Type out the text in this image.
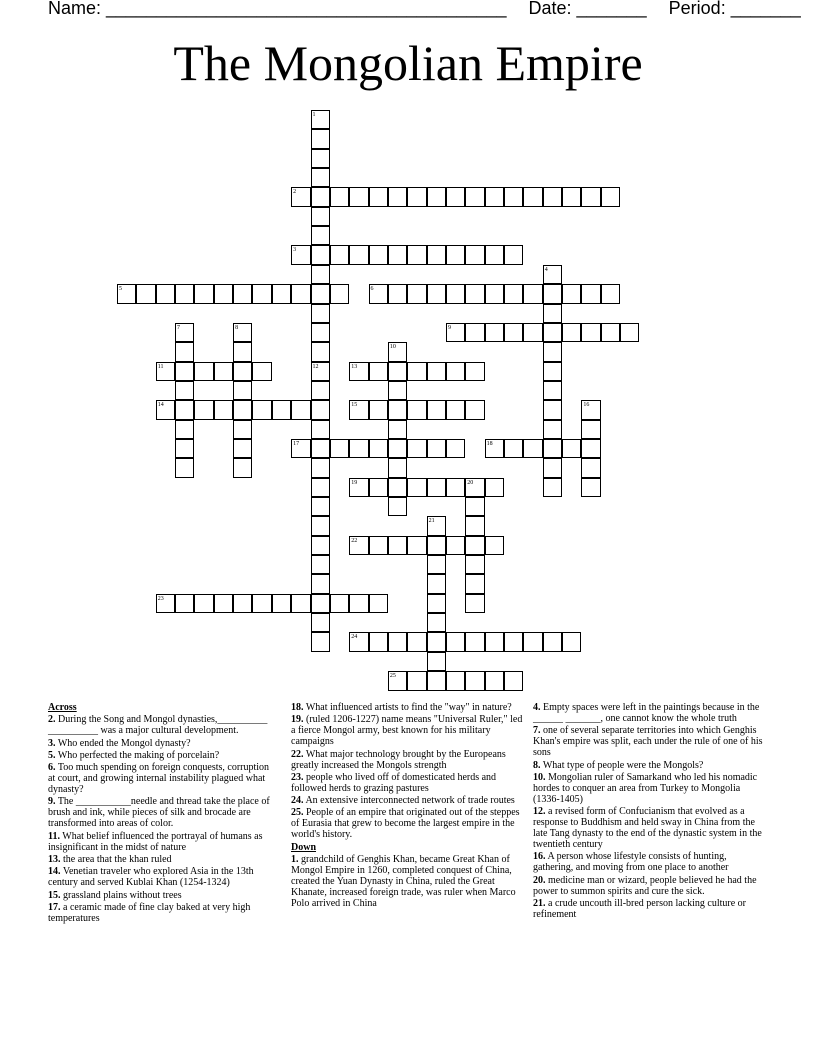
Name: ________________________________________ Date: _______ Period: _______
The Mongolian Empire
1
2
3
4
5	6
7	8	9
10
11	12	13
14	15	16
17	18
19	20
21
22
23
24
25
Across
2. During the Song and Mongol dynasties,__________ __________ was a major cultural development.
3. Who ended the Mongol dynasty?
5. Who perfected the making of porcelain?
6. Too much spending on foreign conquests, corruption at court, and growing internal instability plagued what dynasty?
9. The ___________needle and thread take the place of brush and ink, while pieces of silk and brocade are transformed into areas of color.
11. What belief influenced the portrayal of humans as insignificant in the midst of nature
13. the area that the khan ruled
14. Venetian traveler who explored Asia in the 13th century and served Kublai Khan (1254-1324)
15. grassland plains without trees
17. a ceramic made of fine clay baked at very high temperatures
18. What influenced artists to find the "way" in nature?
19. (ruled 1206-1227) name means "Universal Ruler," led a fierce Mongol army, best known for his military campaigns
22. What major technology brought by the Europeans greatly increased the Mongols strength
23. people who lived off of domesticated herds and followed herds to grazing pastures
24. An extensive interconnected network of trade routes
25. People of an empire that originated out of the steppes of Eurasia that grew to become the largest empire in the world's history.
Down
1. grandchild of Genghis Khan, became Great Khan of Mongol Empire in 1260, completed conquest of China, created the Yuan Dynasty in China, ruled the Great Khanate, increased foreign trade, was ruler when Marco Polo arrived in China
4. Empty spaces were left in the paintings because in the ______ _______, one cannot know the whole truth
7. one of several separate territories into which Genghis Khan's empire was split, each under the rule of one of his sons
8. What type of people were the Mongols?
10. Mongolian ruler of Samarkand who led his nomadic hordes to conquer an area from Turkey to Mongolia (1336-1405)
12. a revised form of Confucianism that evolved as a response to Buddhism and held sway in China from the late Tang dynasty to the end of the dynastic system in the twentieth century
16. A person whose lifestyle consists of hunting, gathering, and moving from one place to another
20. medicine man or wizard, people believed he had the power to summon spirits and cure the sick.
21. a crude uncouth ill-bred person lacking culture or refinement
